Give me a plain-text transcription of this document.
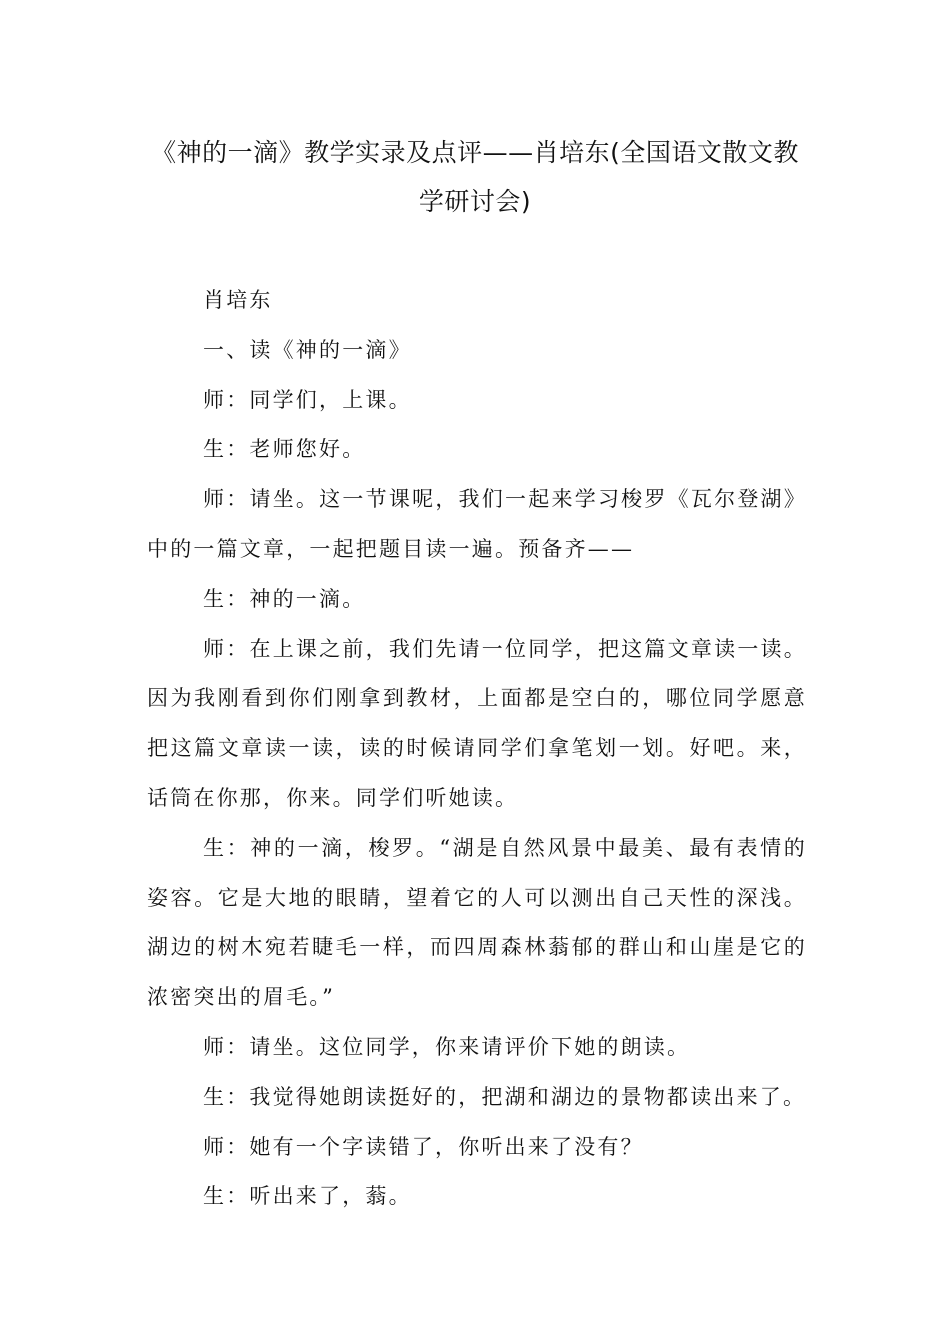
《神的一滴》教学实录及点评——肖培东(全国语文散文教学研讨会)

肖培东

一、读《神的一滴》

师：同学们，上课。

生：老师您好。

师：请坐。这一节课呢，我们一起来学习梭罗《瓦尔登湖》中的一篇文章，一起把题目读一遍。预备齐——

生：神的一滴。

师：在上课之前，我们先请一位同学，把这篇文章读一读。因为我刚看到你们刚拿到教材，上面都是空白的，哪位同学愿意把这篇文章读一读，读的时候请同学们拿笔划一划。好吧。来，话筒在你那，你来。同学们听她读。

生：神的一滴，梭罗。“湖是自然风景中最美、最有表情的姿容。它是大地的眼睛，望着它的人可以测出自己天性的深浅。湖边的树木宛若睫毛一样，而四周森林蓊郁的群山和山崖是它的浓密突出的眉毛。”

师：请坐。这位同学，你来请评价下她的朗读。

生：我觉得她朗读挺好的，把湖和湖边的景物都读出来了。

师：她有一个字读错了，你听出来了没有？

生：听出来了，蓊。
